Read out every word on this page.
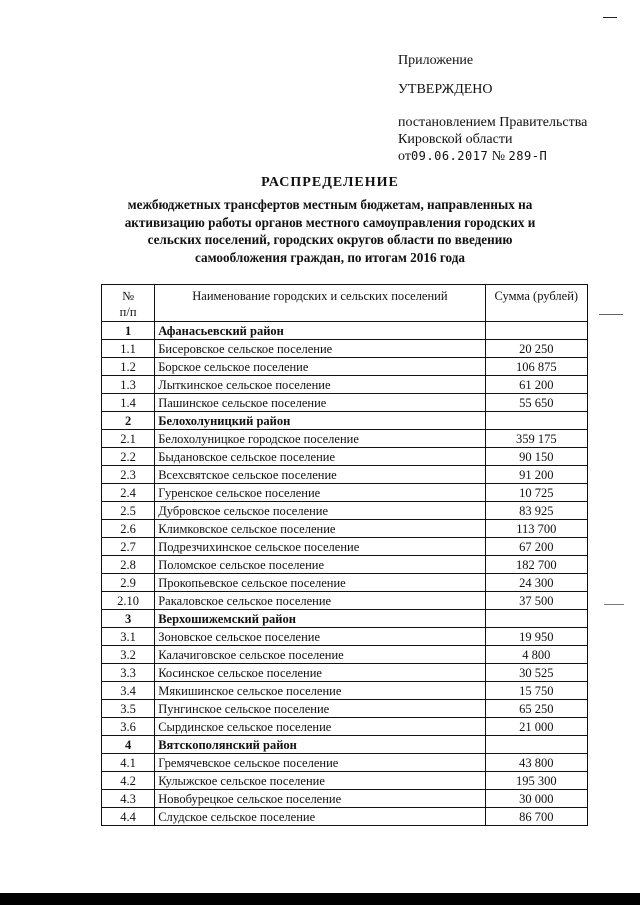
Приложение
УТВЕРЖДЕНО
постановлением Правительства
Кировской области
от09.06.2017 № 289-П
РАСПРЕДЕЛЕНИЕ
межбюджетных трансфертов местным бюджетам, направленных на
активизацию работы органов местного самоуправления городских и
сельских поселений, городских округов области по введению
самообложения граждан, по итогам 2016 года
№
п/п	Наименование городских и сельских поселений	Сумма (рублей)
1	Афанасьевский район	
1.1	Бисеровское сельское поселение	20 250
1.2	Борское сельское поселение	106 875
1.3	Лыткинское сельское поселение	61 200
1.4	Пашинское сельское поселение	55 650
2	Белохолуницкий район	
2.1	Белохолуницкое городское поселение	359 175
2.2	Быдановское сельское поселение	90 150
2.3	Всехсвятское сельское поселение	91 200
2.4	Гуренское сельское поселение	10 725
2.5	Дубровское сельское поселение	83 925
2.6	Климковское сельское поселение	113 700
2.7	Подрезчихинское сельское поселение	67 200
2.8	Поломское сельское поселение	182 700
2.9	Прокопьевское сельское поселение	24 300
2.10	Ракаловское сельское поселение	37 500
3	Верхошижемский район	
3.1	Зоновское сельское поселение	19 950
3.2	Калачиговское сельское поселение	4 800
3.3	Косинское сельское поселение	30 525
3.4	Мякишинское сельское поселение	15 750
3.5	Пунгинское сельское поселение	65 250
3.6	Сырдинское сельское поселение	21 000
4	Вятскополянский район	
4.1	Гремячевское сельское поселение	43 800
4.2	Кулыжское сельское поселение	195 300
4.3	Новобурецкое сельское поселение	30 000
4.4	Слудское сельское поселение	86 700
